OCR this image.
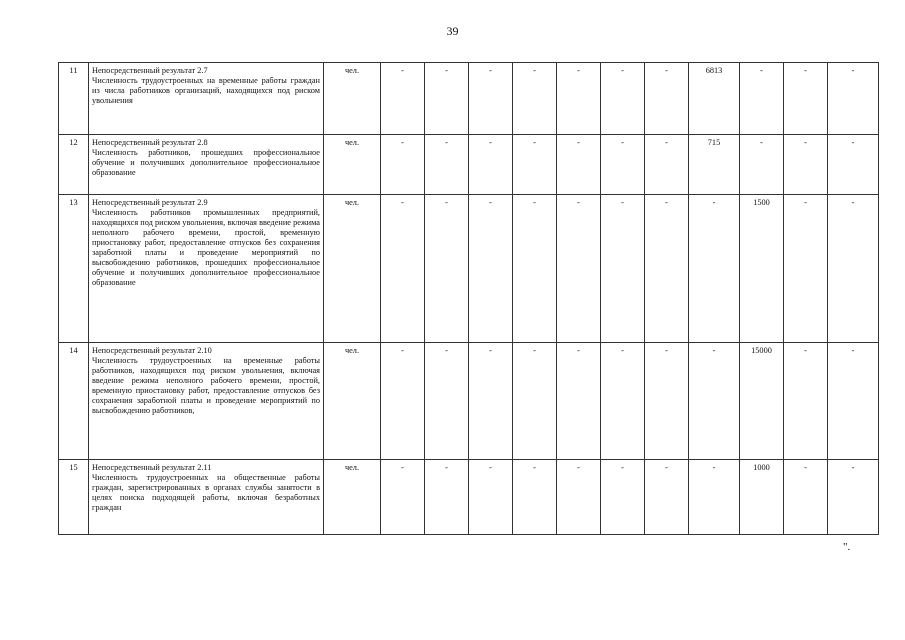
39
11	Непосредственный результат 2.7
Численность трудоустроенных на временные работы граждан из числа работников организаций, находящихся под риском увольнения	чел.	-	-	-	-	-	-	-	6813	-	-	-
12	Непосредственный результат 2.8
Численность работников, прошедших профессиональное обучение и получивших дополнительное профессиональное образование	чел.	-	-	-	-	-	-	-	715	-	-	-
13	Непосредственный результат 2.9
Численность работников промышленных предприятий, находящихся под риском увольнения, включая введение режима неполного рабочего времени, простой, временную приостановку работ, предоставление отпусков без сохранения заработной платы и проведение мероприятий по высвобождению работников, прошедших профессиональное обучение и получивших дополнительное профессиональное образование	чел.	-	-	-	-	-	-	-	-	1500	-	-
14	Непосредственный результат 2.10
Численность трудоустроенных на временные работы работников, находящихся под риском увольнения, включая введение режима неполного рабочего времени, простой, временную приостановку работ, предоставление отпусков без сохранения заработной платы и проведение мероприятий по высвобождению работников,	чел.	-	-	-	-	-	-	-	-	15000	-	-
15	Непосредственный результат 2.11
Численность трудоустроенных на общественные работы граждан, зарегистрированных в органах службы занятости в целях поиска подходящей работы, включая безработных граждан	чел.	-	-	-	-	-	-	-	-	1000	-	-
".
